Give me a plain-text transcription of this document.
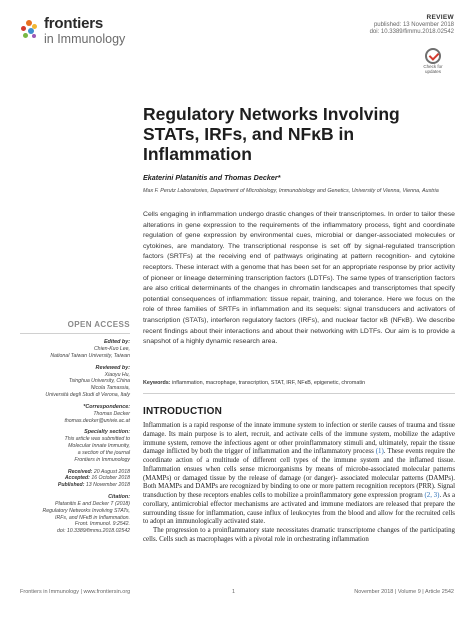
frontiers
in Immunology
REVIEW
published: 13 November 2018
doi: 10.3389/fimmu.2018.02542
Check for updates
Regulatory Networks Involving STATs, IRFs, and NFκB in Inflammation
Ekaterini Platanitis and Thomas Decker*
Max F. Perutz Laboratories, Department of Microbiology, Immunobiology and Genetics, University of Vienna, Vienna, Austria
Cells engaging in inflammation undergo drastic changes of their transcriptomes. In order to tailor these alterations in gene expression to the requirements of the inflammatory process, tight and coordinate regulation of gene expression by environmental cues, microbial or danger-associated molecules or cytokines, are mandatory. The transcriptional response is set off by signal-regulated transcription factors (SRTFs) at the receiving end of pathways originating at pattern recognition- and cytokine receptors. These interact with a genome that has been set for an appropriate response by prior activity of pioneer or lineage determining transcription factors (LDTFs). The same types of transcription factors are also critical determinants of the changes in chromatin landscapes and transcriptomes that specify potential consequences of inflammation: tissue repair, training, and tolerance. Here we focus on the role of three families of SRTFs in inflammation and its sequels: signal transducers and activators of transcription (STATs), interferon regulatory factors (IRFs), and nuclear factor κB (NFκB). We describe recent findings about their interactions and about their networking with LDTFs. Our aim is to provide a snapshot of a highly dynamic research area.
Keywords: inflammation, macrophage, transcription, STAT, IRF, NFκB, epigenetic, chromatin
OPEN ACCESS
Edited by:
Chien-Kuo Lee,
National Taiwan University, Taiwan
Reviewed by:
Xiaoyu Hu,
Tsinghua University, China
Nicola Tamassia,
Università degli Studi di Verona, Italy
*Correspondence:
Thomas Decker
thomas.decker@univie.ac.at
Specialty section:
This article was submitted to
Molecular Innate Immunity,
a section of the journal
Frontiers in Immunology
Received: 20 August 2018
Accepted: 16 October 2018
Published: 13 November 2018
Citation:
Platanitis E and Decker T (2018)
Regulatory Networks Involving STATs,
IRFs, and NFκB in Inflammation.
Front. Immunol. 9:2542.
doi: 10.3389/fimmu.2018.02542
INTRODUCTION

Inflammation is a rapid response of the innate immune system to infection or sterile causes of trauma and tissue damage. Its main purpose is to alert, recruit, and activate cells of the immune system, mobilize the adaptive immune system, remove the infectious agent or other proinflammatory stimuli and, ultimately, repair the tissue damage inflicted by both the trigger of inflammation and the inflammatory process (1). These events require the coordinate action of a multitude of different cell types of the immune system and the inflamed tissue. Inflammation ensues when cells sense microorganisms by means of microbe-associated molecular patterns (MAMPs) or damaged tissue by the release of damage (or danger)- associated molecular patterns (DAMPs). Both MAMPs and DAMPs are recognized by binding to one or more pattern recognition receptors (PRR). Signal transduction by these receptors enables cells to mobilize a proinflammatory gene expression program (2, 3). As a corollary, antimicrobial effector mechanisms are activated and immune mediators are released that prepare the surrounding tissue for inflammation, cause influx of leukocytes from the blood and allow for the recruited cells to adopt an immunologically activated state.

The progression to a proinflammatory state necessitates dramatic transcriptome changes of the participating cells. Cells such as macrophages with a pivotal role in orchestrating inflammation

Frontiers in Immunology | www.frontiersin.org	1	November 2018 | Volume 9 | Article 2542
